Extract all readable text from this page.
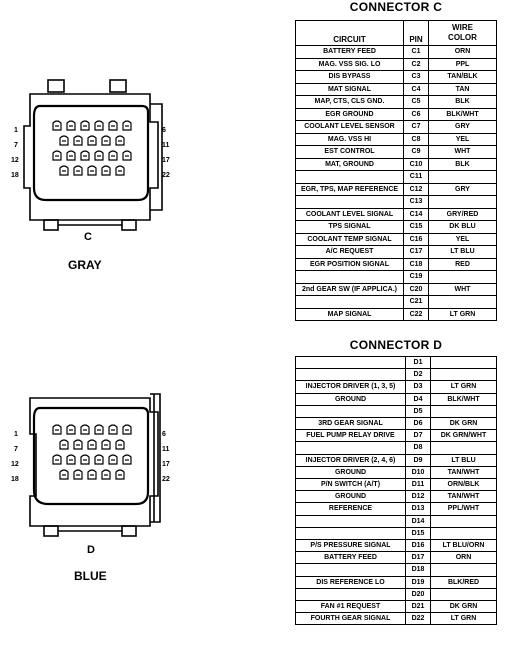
1
7
12
18
6
11
17
22
C
GRAY
1
7
12
18
6
11
17
22
D
BLUE
CONNECTOR C
CIRCUIT	PIN	WIRE COLOR
BATTERY FEED	C1	ORN
MAG. VSS SIG. LO	C2	PPL
DIS BYPASS	C3	TAN/BLK
MAT SIGNAL	C4	TAN
MAP, CTS, CLS GND.	C5	BLK
EGR GROUND	C6	BLK/WHT
COOLANT LEVEL SENSOR	C7	GRY
MAG. VSS HI	C8	YEL
EST CONTROL	C9	WHT
MAT, GROUND	C10	BLK
	C11	
EGR, TPS, MAP REFERENCE	C12	GRY
	C13	
COOLANT LEVEL SIGNAL	C14	GRY/RED
TPS SIGNAL	C15	DK BLU
COOLANT TEMP SIGNAL	C16	YEL
A/C REQUEST	C17	LT BLU
EGR POSITION SIGNAL	C18	RED
	C19	
2nd GEAR SW (IF APPLICA.)	C20	WHT
	C21	
MAP SIGNAL	C22	LT GRN
CONNECTOR D
	D1	
	D2	
INJECTOR DRIVER (1, 3, 5)	D3	LT GRN
GROUND	D4	BLK/WHT
	D5	
3RD GEAR SIGNAL	D6	DK GRN
FUEL PUMP RELAY DRIVE	D7	DK GRN/WHT
	D8	
INJECTOR DRIVER (2, 4, 6)	D9	LT BLU
GROUND	D10	TAN/WHT
P/N SWITCH (A/T)	D11	ORN/BLK
GROUND	D12	TAN/WHT
REFERENCE	D13	PPL/WHT
	D14	
	D15	
P/S PRESSURE SIGNAL	D16	LT BLU/ORN
BATTERY FEED	D17	ORN
	D18	
DIS REFERENCE LO	D19	BLK/RED
	D20	
FAN #1 REQUEST	D21	DK GRN
FOURTH GEAR SIGNAL	D22	LT GRN
